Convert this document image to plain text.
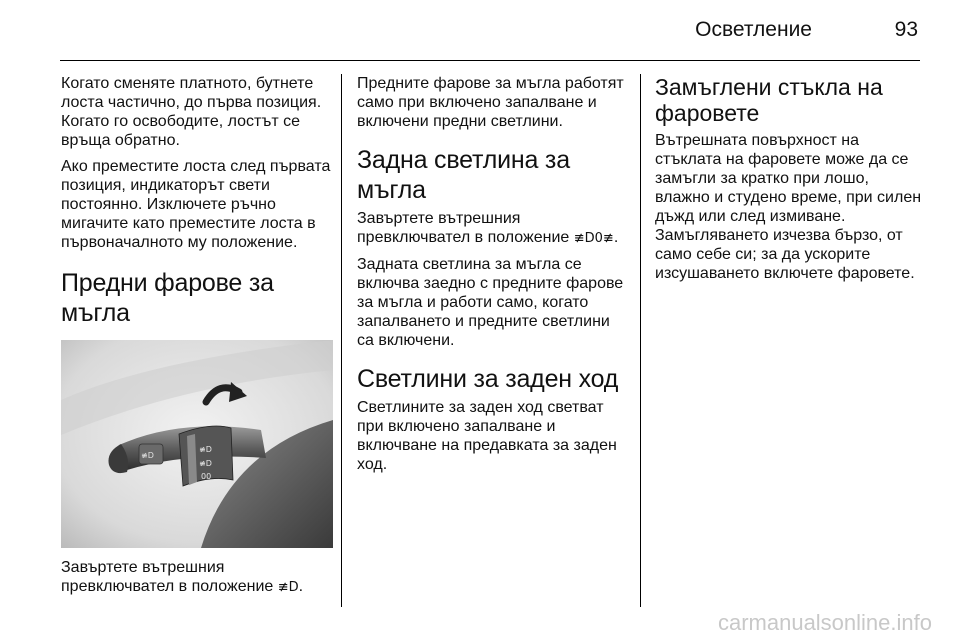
Осветление	93

Когато сменяте платното, бутнете лоста частично, до първа позиция. Когато го освободите, лостът се връща обратно.

Ако преместите лоста след първата позиция, индикаторът свети постоянно. Изключете ръчно мигачите като преместите лоста в първоначалното му положение.

Предни фарове за мъгла
≢D
≢D
≢D
00

Завъртете вътрешния превключвател в положение ≢D.

Предните фарове за мъгла работят само при включено запалване и включени предни светлини.

Задна светлина за мъгла

Завъртете вътрешния превключвател в положение ≢D0≢.

Задната светлина за мъгла се включва заедно с предните фарове за мъгла и работи само, когато запалването и предните светлини са включени.

Светлини за заден ход

Светлините за заден ход светват при включено запалване и включване на предавката за заден ход.

Замъглени стъкла на фаровете

Вътрешната повърхност на стъклата на фаровете може да се замъгли за кратко при лошо, влажно и студено време, при силен дъжд или след измиване. Замъгляването изчезва бързо, от само себе си; за да ускорите изсушаването включете фаровете.

carmanualsonline.info
